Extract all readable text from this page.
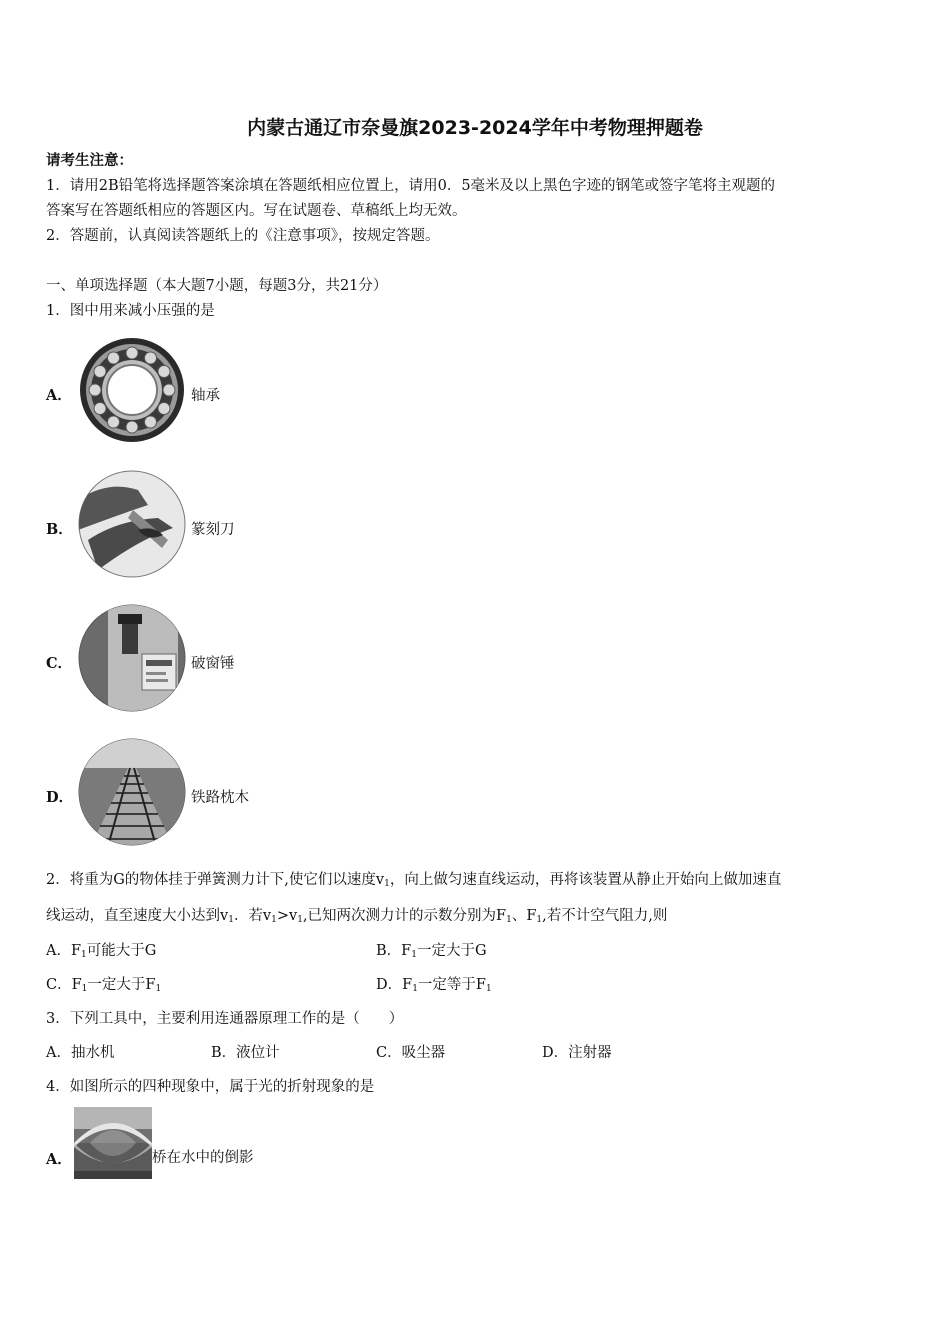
内蒙古通辽市奈曼旗2023-2024学年中考物理押题卷
请考生注意：
1．请用2B铅笔将选择题答案涂填在答题纸相应位置上，请用0．5毫米及以上黑色字迹的钢笔或签字笔将主观题的
答案写在答题纸相应的答题区内。写在试题卷、草稿纸上均无效。
2．答题前，认真阅读答题纸上的《注意事项》，按规定答题。
一、单项选择题（本大题7小题，每题3分，共21分）
1．图中用来减小压强的是
A．	轴承
B．	篆刻刀
C．	破窗锤
D．	铁路枕木
2．将重为G的物体挂于弹簧测力计下,使它们以速度$v_1$，向上做匀速直线运动，再将该装置从静止开始向上做加速直
线运动，直至速度大小达到$v_1$．若$v_1>v_1$,已知两次测力计的示数分别为$F_1$、$F_1$,若不计空气阻力,则
A．$F_1$可能大于G	B．$F_1$一定大于G
C．$F_1$一定大于$F_1$	D．$F_1$一定等于$F_1$
3．下列工具中，主要利用连通器原理工作的是（　　）
A．抽水机	B．液位计	C．吸尘器	D．注射器
4．如图所示的四种现象中，属于光的折射现象的是
A．	桥在水中的倒影
